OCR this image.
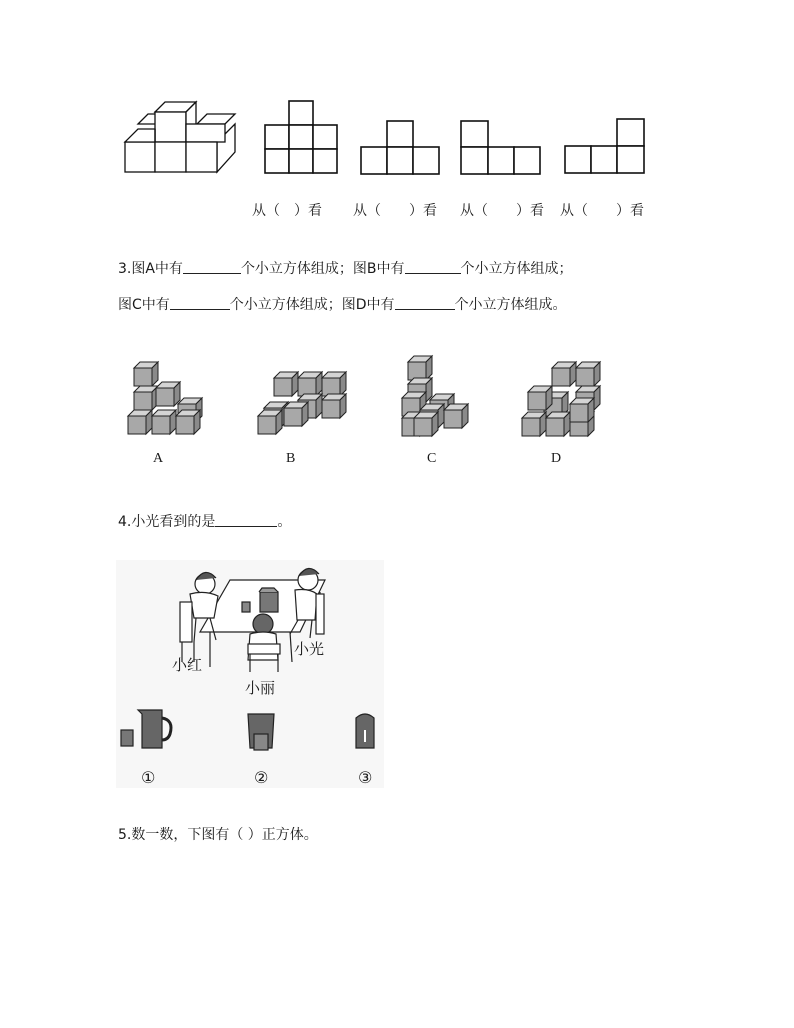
从（　）看 从（　　）看 从（　　）看 从（　　）看
3.图A中有	个小立方体组成；图B中有	个小立方体组成；
图C中有	个小立方体组成；图D中有	个小立方体组成。
A	B	C	D
4.小光看到的是	。
小红
小光
小丽
①	②	③
5.数一数，下图有（ ）正方体。
